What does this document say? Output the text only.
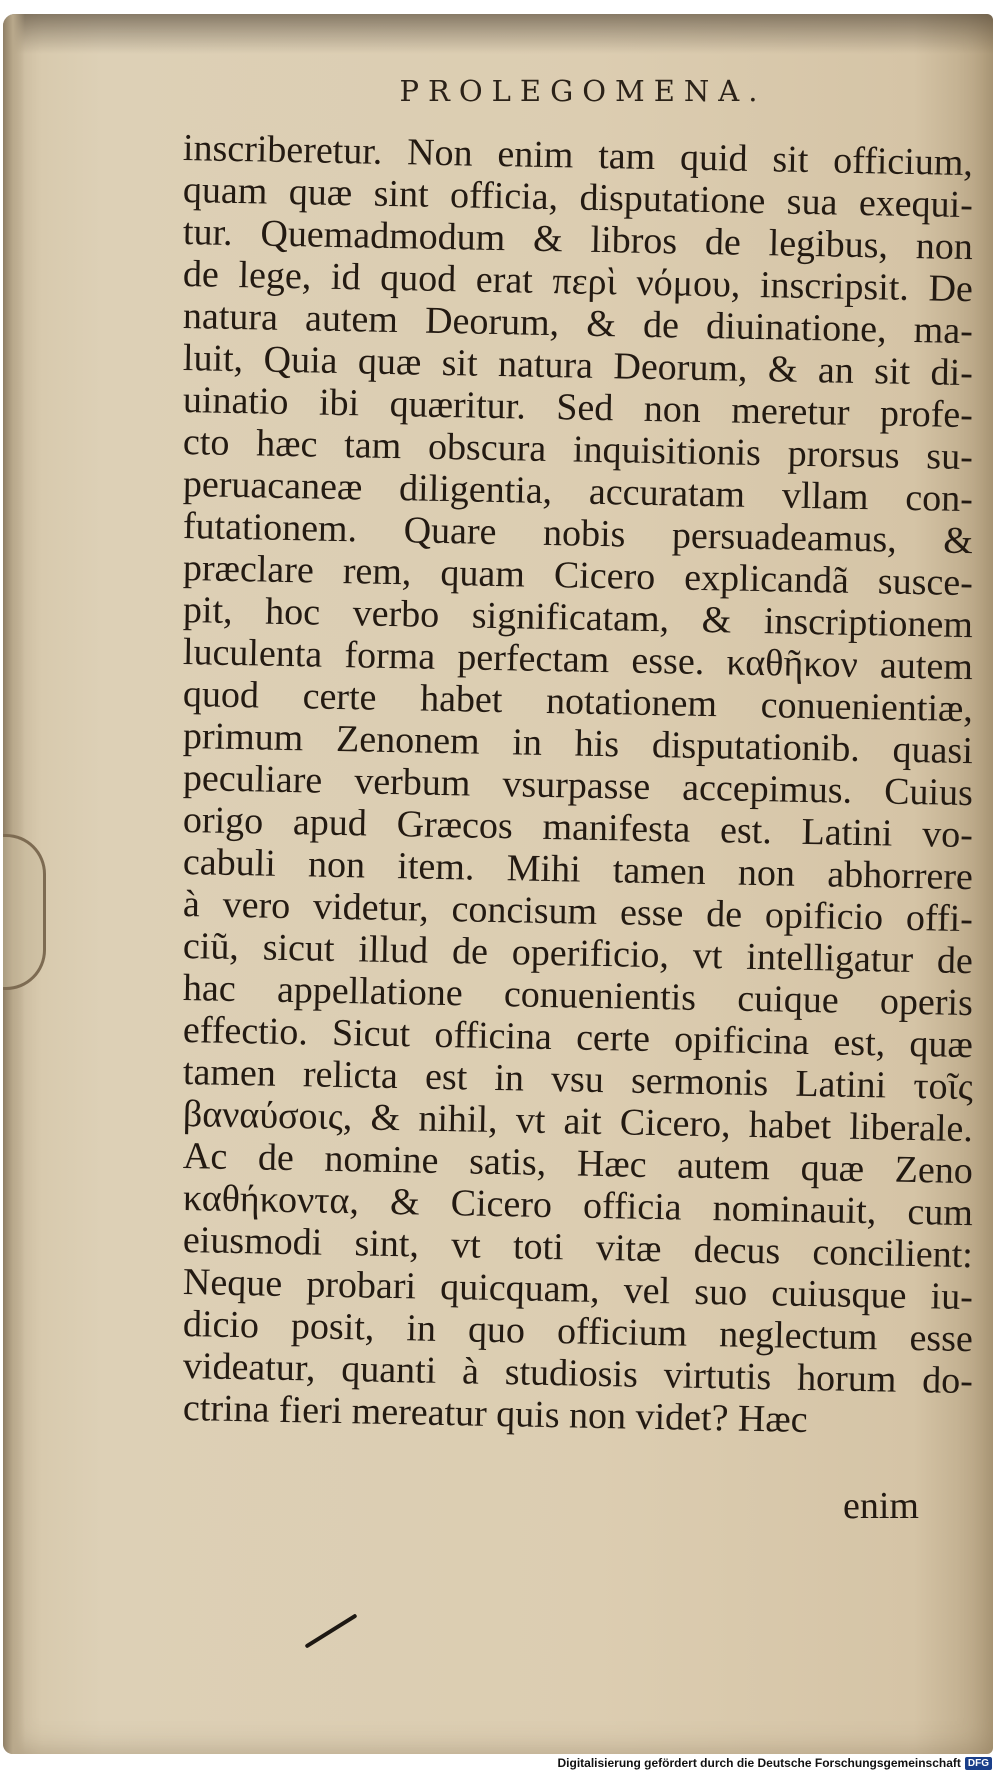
PROLEGOMENA.
inscriberetur. Non enim tam quid sit officium,
quam quæ sint officia, disputatione sua exequi-
tur. Quemadmodum & libros de legibus, non
de lege, id quod erat περὶ νόμου, inscripsit. De
natura autem Deorum, & de diuinatione, ma-
luit, Quia quæ sit natura Deorum, & an sit di-
uinatio ibi quæritur. Sed non meretur profe-
cto hæc tam obscura inquisitionis prorsus su-
peruacaneæ diligentia, accuratam vllam con-
futationem. Quare nobis persuadeamus, &
præclare rem, quam Cicero explicandã susce-
pit, hoc verbo significatam, & inscriptionem
luculenta forma perfectam esse. καθῆκον autem
quod certe habet notationem conuenientiæ,
primum Zenonem in his disputationib. quasi
peculiare verbum vsurpasse accepimus. Cuius
origo apud Græcos manifesta est. Latini vo-
cabuli non item. Mihi tamen non abhorrere
à vero videtur, concisum esse de opificio offi-
ciũ, sicut illud de operificio, vt intelligatur de
hac appellatione conuenientis cuique operis
effectio. Sicut officina certe opificina est, quæ
tamen relicta est in vsu sermonis Latini τοῖς
βαναύσοις, & nihil, vt ait Cicero, habet liberale.
Ac de nomine satis, Hæc autem quæ Zeno
καθήκοντα, & Cicero officia nominauit, cum
eiusmodi sint, vt toti vitæ decus concilient:
Neque probari quicquam, vel suo cuiusque iu-
dicio posit, in quo officium neglectum esse
videatur, quanti à studiosis virtutis horum do-
ctrina fieri mereatur quis non videt? Hæc
enim
Digitalisierung gefördert durch die Deutsche Forschungsgemeinschaft DFG
